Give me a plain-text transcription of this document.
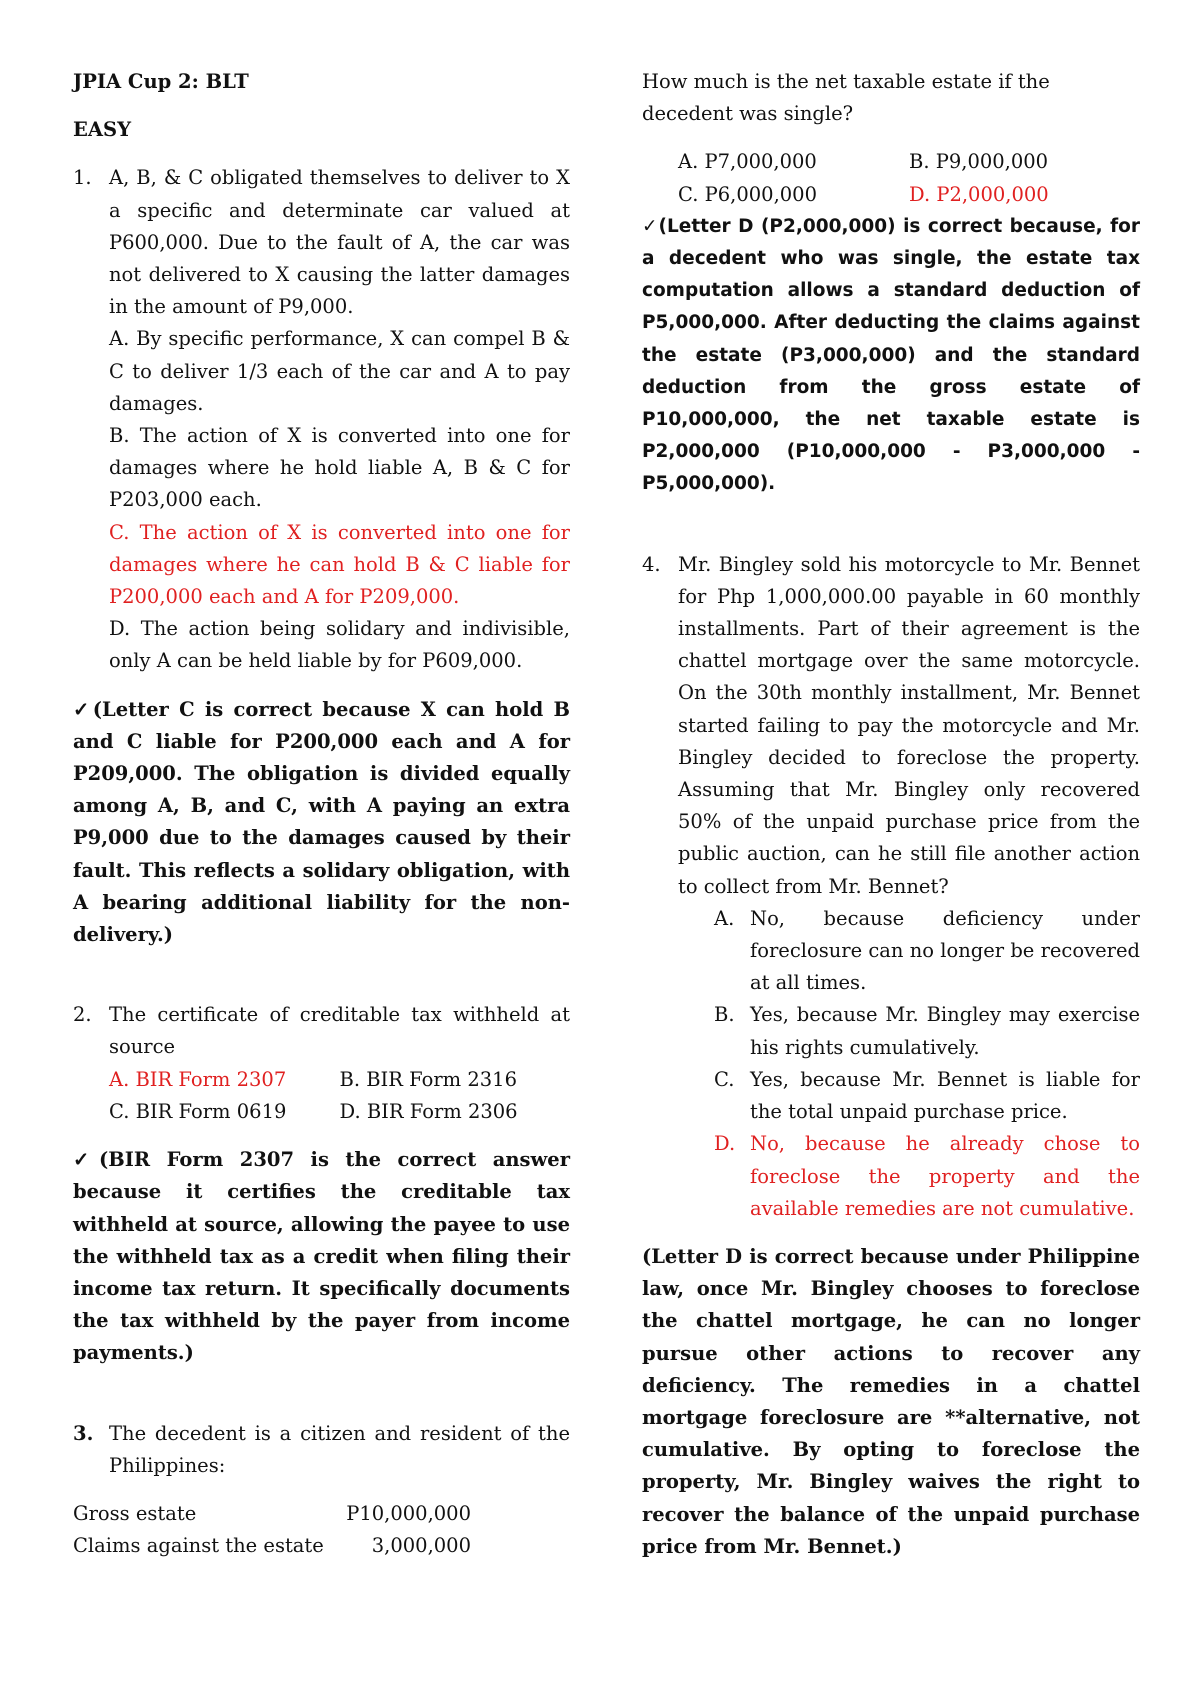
JPIA Cup 2: BLT

EASY

1. A, B, & C obligated themselves to deliver to X a specific and determinate car valued at P600,000. Due to the fault of A, the car was not delivered to X causing the latter damages in the amount of P9,000.

A. By specific performance, X can compel B & C to deliver 1/3 each of the car and A to pay damages.

B. The action of X is converted into one for damages where he hold liable A, B & C for P203,000 each.

C. The action of X is converted into one for damages where he can hold B & C liable for P200,000 each and A for P209,000.

D. The action being solidary and indivisible, only A can be held liable by for P609,000.

✓(Letter C is correct because X can hold B and C liable for P200,000 each and A for P209,000. The obligation is divided equally among A, B, and C, with A paying an extra P9,000 due to the damages caused by their fault. This reflects a solidary obligation, with A bearing additional liability for the non-delivery.)

2. The certificate of creditable tax withheld at source

A. BIR Form 2307	B. BIR Form 2316
C. BIR Form 0619	D. BIR Form 2306

✓(BIR Form 2307 is the correct answer because it certifies the creditable tax withheld at source, allowing the payee to use the withheld tax as a credit when filing their income tax return. It specifically documents the tax withheld by the payer from income payments.)

3. The decedent is a citizen and resident of the Philippines:

Gross estate	P10,000,000
Claims against the estate	3,000,000

How much is the net taxable estate if the decedent was single?

A. P7,000,000	B. P9,000,000
C. P6,000,000	D. P2,000,000

✓(Letter D (P2,000,000) is correct because, for a decedent who was single, the estate tax computation allows a standard deduction of P5,000,000. After deducting the claims against the estate (P3,000,000) and the standard deduction from the gross estate of P10,000,000, the net taxable estate is P2,000,000 (P10,000,000 - P3,000,000 - P5,000,000).

4. Mr. Bingley sold his motorcycle to Mr. Bennet for Php 1,000,000.00 payable in 60 monthly installments. Part of their agreement is the chattel mortgage over the same motorcycle. On the 30th monthly installment, Mr. Bennet started failing to pay the motorcycle and Mr. Bingley decided to foreclose the property. Assuming that Mr. Bingley only recovered 50% of the unpaid purchase price from the public auction, can he still file another action to collect from Mr. Bennet?

A. No, because deficiency under foreclosure can no longer be recovered at all times.
B. Yes, because Mr. Bingley may exercise his rights cumulatively.
C. Yes, because Mr. Bennet is liable for the total unpaid purchase price.
D. No, because he already chose to foreclose the property and the available remedies are not cumulative.

(Letter D is correct because under Philippine law, once Mr. Bingley chooses to foreclose the chattel mortgage, he can no longer pursue other actions to recover any deficiency. The remedies in a chattel mortgage foreclosure are **alternative, not cumulative. By opting to foreclose the property, Mr. Bingley waives the right to recover the balance of the unpaid purchase price from Mr. Bennet.)
